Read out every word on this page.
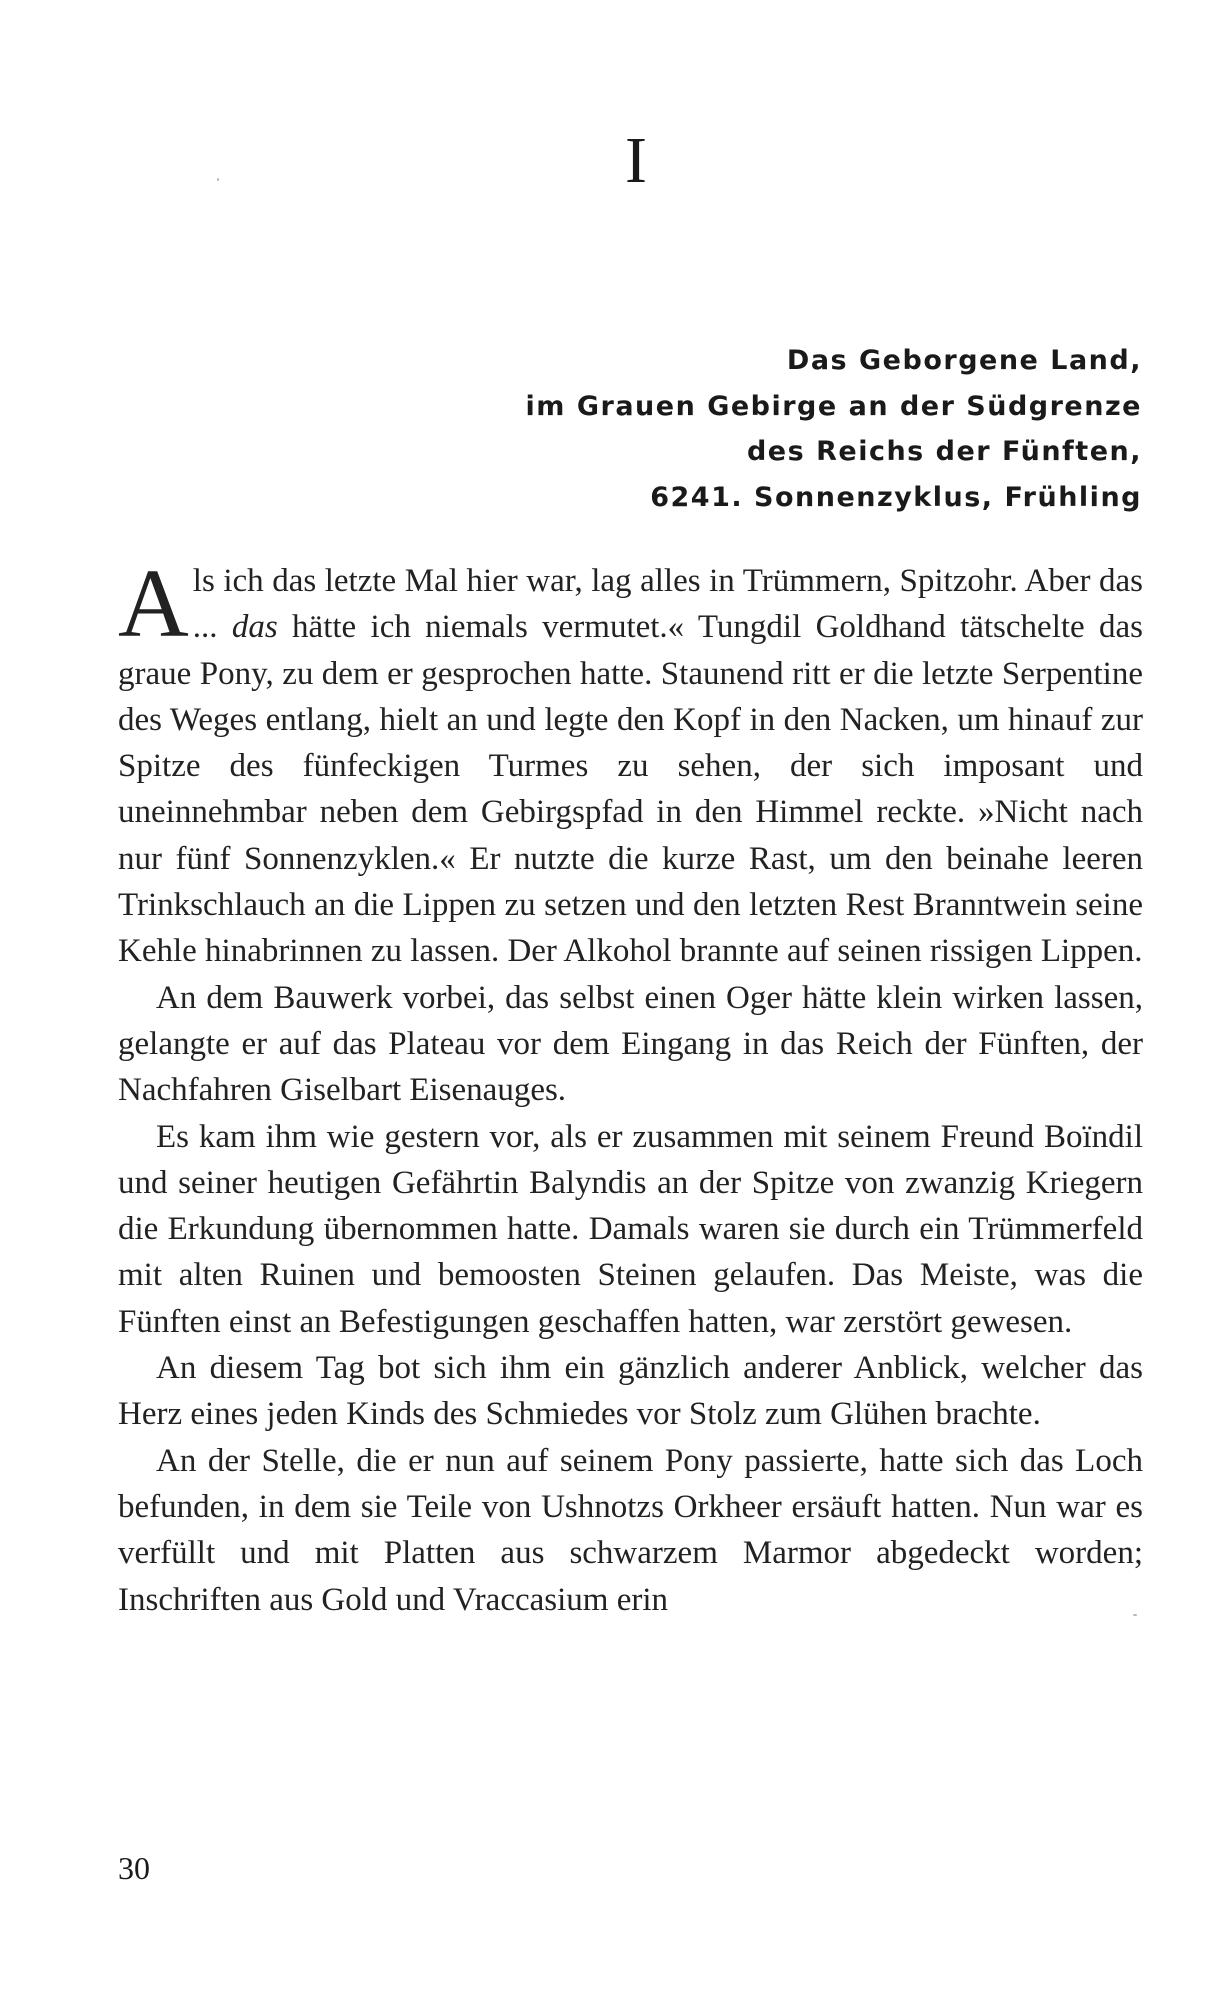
I
Das Geborgene Land,
im Grauen Gebirge an der Südgrenze
des Reichs der Fünften,
6241. Sonnenzyklus, Frühling

Als ich das letzte Mal hier war, lag alles in Trümmern, Spitzohr. Aber das ... das hätte ich niemals vermutet.« Tungdil Goldhand tätschelte das graue Pony, zu dem er gesprochen hatte. Staunend ritt er die letzte Serpentine des Weges entlang, hielt an und legte den Kopf in den Nacken, um hinauf zur Spitze des fünfeckigen Turmes zu sehen, der sich imposant und uneinnehmbar neben dem Gebirgspfad in den Himmel reckte. »Nicht nach nur fünf Sonnenzyklen.« Er nutzte die kurze Rast, um den beinahe leeren Trinkschlauch an die Lippen zu setzen und den letzten Rest Branntwein seine Kehle hinabrinnen zu lassen. Der Alkohol brannte auf seinen rissigen Lippen.

An dem Bauwerk vorbei, das selbst einen Oger hätte klein wirken lassen, gelangte er auf das Plateau vor dem Eingang in das Reich der Fünften, der Nachfahren Giselbart Eisenauges.

Es kam ihm wie gestern vor, als er zusammen mit seinem Freund Boïndil und seiner heutigen Gefährtin Balyndis an der Spitze von zwanzig Kriegern die Erkundung übernommen hatte. Damals waren sie durch ein Trümmerfeld mit alten Ruinen und bemoosten Steinen gelaufen. Das Meiste, was die Fünften einst an Befestigungen geschaffen hatten, war zerstört gewesen.

An diesem Tag bot sich ihm ein gänzlich anderer Anblick, welcher das Herz eines jeden Kinds des Schmiedes vor Stolz zum Glühen brachte.

An der Stelle, die er nun auf seinem Pony passierte, hatte sich das Loch befunden, in dem sie Teile von Ushnotzs Orkheer ersäuft hatten. Nun war es verfüllt und mit Platten aus schwarzem Marmor abgedeckt worden; Inschriften aus Gold und Vraccasium erin

30
